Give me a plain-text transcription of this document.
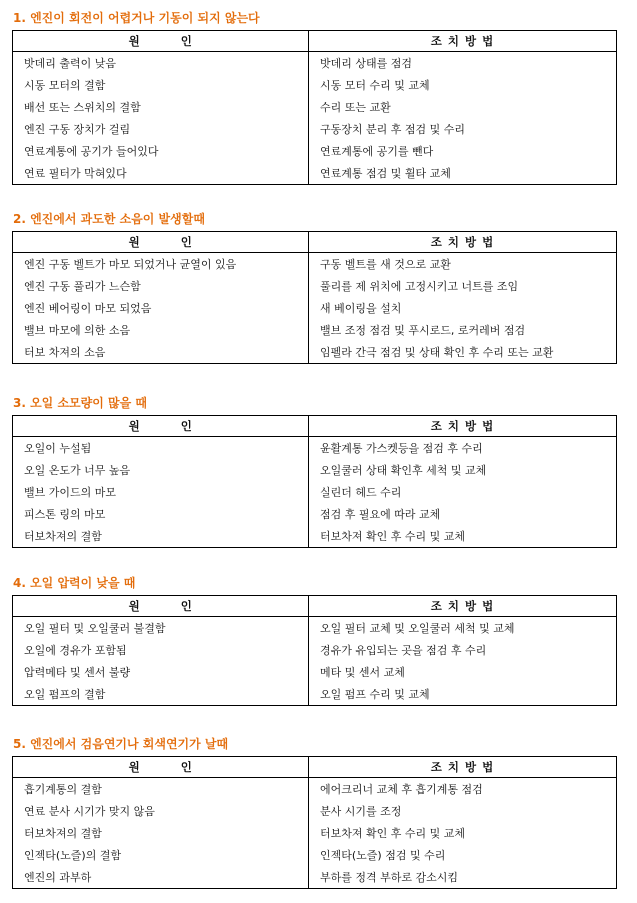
1. 엔진이 회전이 어렵거나 기동이 되지 않는다
원 인	조 치 방 법
밧데리 출력이 낮음	밧데리 상태를 점검
시동 모터의 결함	시동 모터 수리 및 교체
배선 또는 스위치의 결함	수리 또는 교환
엔진 구동 장치가 걸림	구동장치 분리 후 점검 및 수리
연료계통에 공기가 들어있다	연료계통에 공기를 뺀다
연료 필터가 막혀있다	연료계통 점검 및 휠타 교체
2. 엔진에서 과도한 소음이 발생할때
원 인	조 치 방 법
엔진 구동 벨트가 마모 되었거나 균열이 있음	구동 벨트를 새 것으로 교환
엔진 구동 풀리가 느슨함	풀리를 제 위치에 고정시키고 너트를 조임
엔진 베어링이 마모 되었음	새 베이링을 설치
밸브 마모에 의한 소음	밸브 조정 점검 및 푸시로드, 로커레버 점검
터보 차져의 소음	임펠라 간극 점검 및 상태 확인 후 수리 또는 교환
3. 오일 소모량이 많을 때
원 인	조 치 방 법
오일이 누설됨	윤활계통 가스켓등을 점검 후 수리
오일 온도가 너무 높음	오일쿨러 상태 확인후 세척 및 교체
밸브 가이드의 마모	실린더 헤드 수리
피스톤 링의 마모	점검 후 필요에 따라 교체
터보차져의 결함	터보차져 확인 후 수리 및 교체
4. 오일 압력이 낮을 때
원 인	조 치 방 법
오일 필터 및 오일쿨러 불결함	오일 필터 교체 및 오일쿨러 세척 및 교체
오일에 경유가 포함됨	경유가 유입되는 곳을 점검 후 수리
압력메타 및 센서 불량	메타 및 센서 교체
오일 펌프의 결함	오일 펌프 수리 및 교체
5. 엔진에서 검음연기나 회색연기가 날때
원 인	조 치 방 법
흡기계통의 결함	에어크리너 교체 후 흡기계통 점검
연료 분사 시기가 맞지 않음	분사 시기를 조정
터보차져의 결함	터보차져 확인 후 수리 및 교체
인젝타(노즐)의 결함	인젝타(노즐) 점검 및 수리
엔진의 과부하	부하를 정격 부하로 감소시킴
